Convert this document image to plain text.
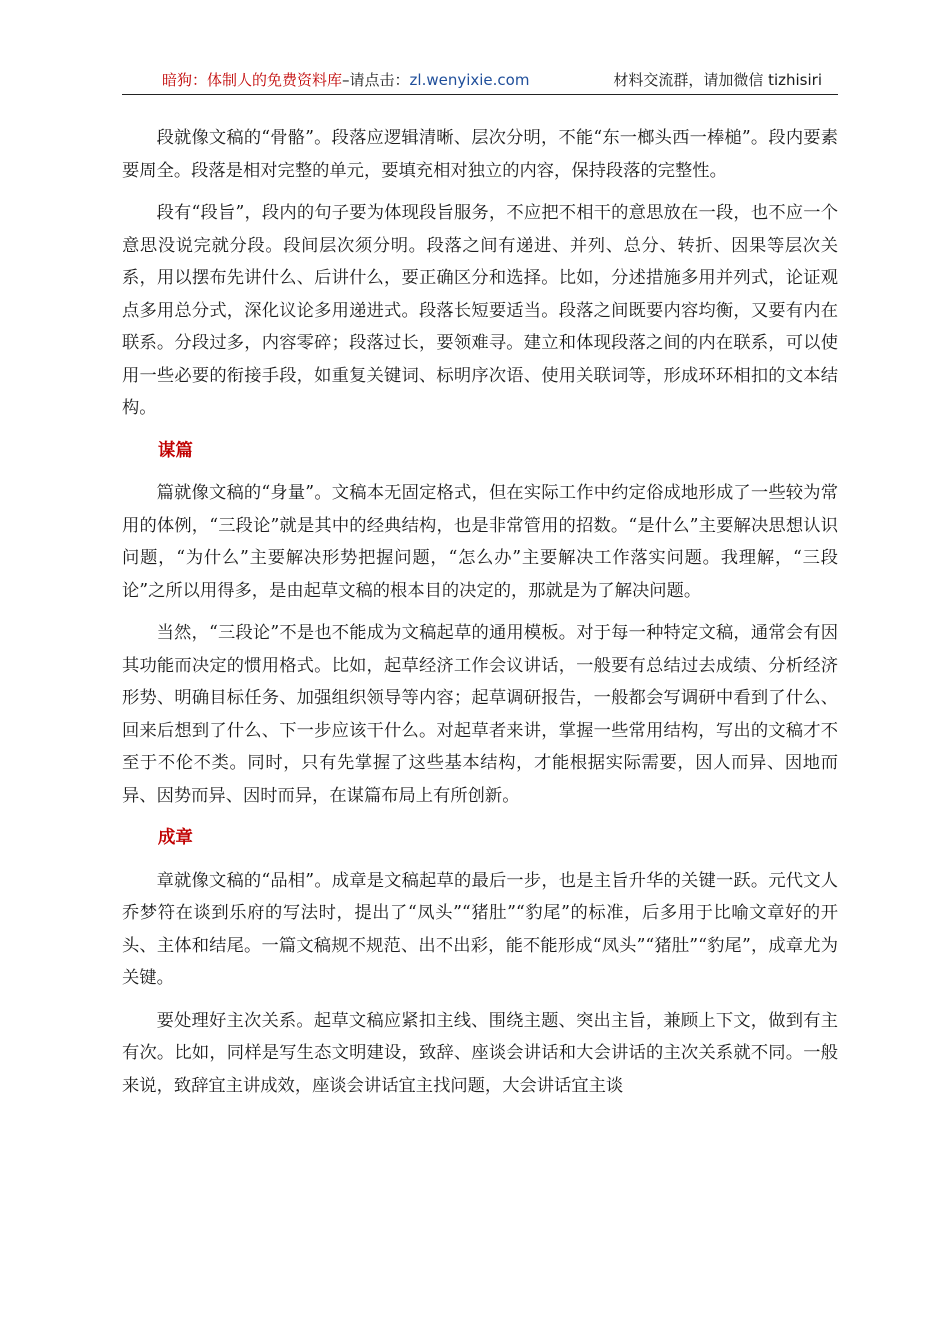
暗狗：体制人的免费资料库–请点击：zl.wenyixie.com	材料交流群，请加微信 tizhisiri

段就像文稿的“骨骼”。段落应逻辑清晰、层次分明，不能“东一榔头西一棒槌”。段内要素要周全。段落是相对完整的单元，要填充相对独立的内容，保持段落的完整性。

段有“段旨”，段内的句子要为体现段旨服务，不应把不相干的意思放在一段，也不应一个意思没说完就分段。段间层次须分明。段落之间有递进、并列、总分、转折、因果等层次关系，用以摆布先讲什么、后讲什么，要正确区分和选择。比如，分述措施多用并列式，论证观点多用总分式，深化议论多用递进式。段落长短要适当。段落之间既要内容均衡，又要有内在联系。分段过多，内容零碎；段落过长，要领难寻。建立和体现段落之间的内在联系，可以使用一些必要的衔接手段，如重复关键词、标明序次语、使用关联词等，形成环环相扣的文本结构。

谋篇

篇就像文稿的“身量”。文稿本无固定格式，但在实际工作中约定俗成地形成了一些较为常用的体例，“三段论”就是其中的经典结构，也是非常管用的招数。“是什么”主要解决思想认识问题，“为什么”主要解决形势把握问题，“怎么办”主要解决工作落实问题。我理解，“三段论”之所以用得多，是由起草文稿的根本目的决定的，那就是为了解决问题。

当然，“三段论”不是也不能成为文稿起草的通用模板。对于每一种特定文稿，通常会有因其功能而决定的惯用格式。比如，起草经济工作会议讲话，一般要有总结过去成绩、分析经济形势、明确目标任务、加强组织领导等内容；起草调研报告，一般都会写调研中看到了什么、回来后想到了什么、下一步应该干什么。对起草者来讲，掌握一些常用结构，写出的文稿才不至于不伦不类。同时，只有先掌握了这些基本结构，才能根据实际需要，因人而异、因地而异、因势而异、因时而异，在谋篇布局上有所创新。

成章

章就像文稿的“品相”。成章是文稿起草的最后一步，也是主旨升华的关键一跃。元代文人乔梦符在谈到乐府的写法时，提出了“凤头”“猪肚”“豹尾”的标准，后多用于比喻文章好的开头、主体和结尾。一篇文稿规不规范、出不出彩，能不能形成“凤头”“猪肚”“豹尾”，成章尤为关键。

要处理好主次关系。起草文稿应紧扣主线、围绕主题、突出主旨，兼顾上下文，做到有主有次。比如，同样是写生态文明建设，致辞、座谈会讲话和大会讲话的主次关系就不同。一般来说，致辞宜主讲成效，座谈会讲话宜主找问题，大会讲话宜主谈
